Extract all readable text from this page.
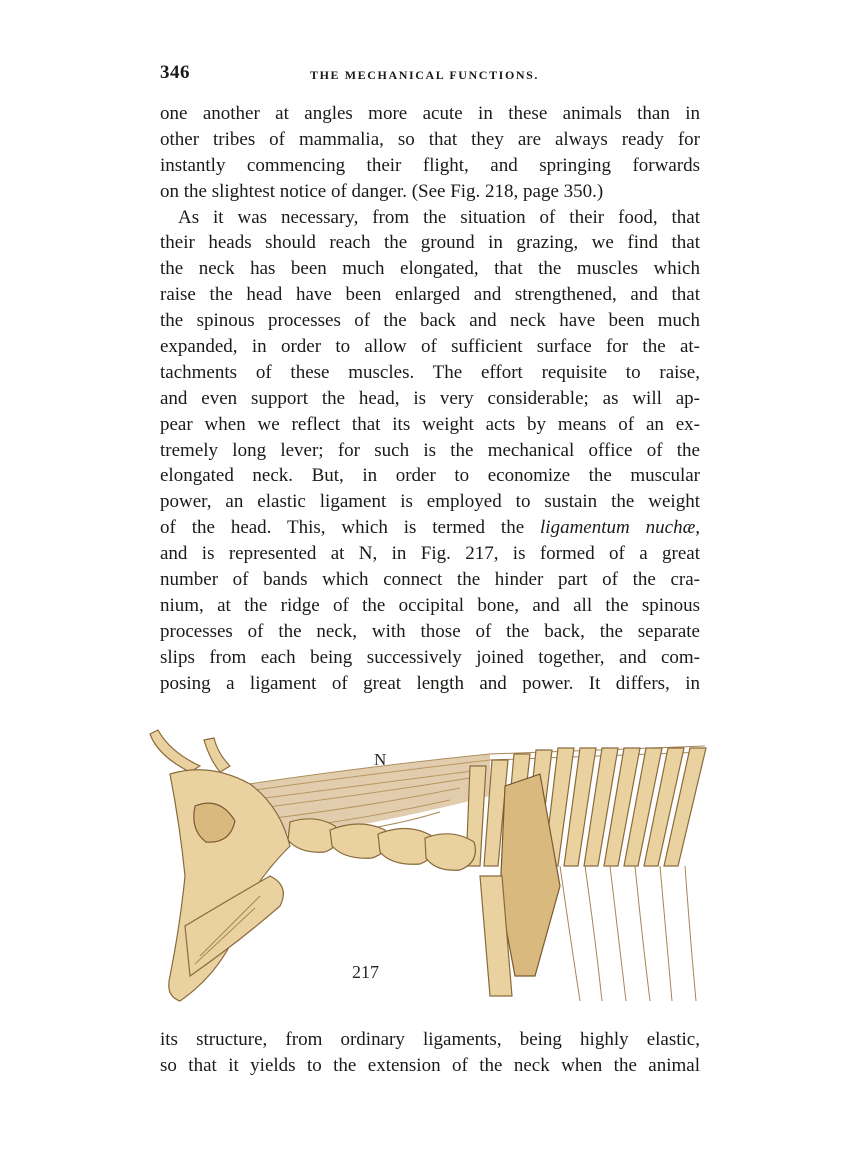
346	THE MECHANICAL FUNCTIONS.
one another at angles more acute in these animals than in
other tribes of mammalia, so that they are always ready for
instantly commencing their flight, and springing forwards
on the slightest notice of danger. (See Fig. 218, page 350.)
As it was necessary, from the situation of their food, that
their heads should reach the ground in grazing, we find that
the neck has been much elongated, that the muscles which
raise the head have been enlarged and strengthened, and that
the spinous processes of the back and neck have been much
expanded, in order to allow of sufficient surface for the at-
tachments of these muscles. The effort requisite to raise,
and even support the head, is very considerable; as will ap-
pear when we reflect that its weight acts by means of an ex-
tremely long lever; for such is the mechanical office of the
elongated neck. But, in order to economize the muscular
power, an elastic ligament is employed to sustain the weight
of the head. This, which is termed the ligamentum nuchæ,
and is represented at N, in Fig. 217, is formed of a great
number of bands which connect the hinder part of the cra-
nium, at the ridge of the occipital bone, and all the spinous
processes of the neck, with those of the back, the separate
slips from each being successively joined together, and com-
posing a ligament of great length and power. It differs, in
N
217
its structure, from ordinary ligaments, being highly elastic,
so that it yields to the extension of the neck when the animal
